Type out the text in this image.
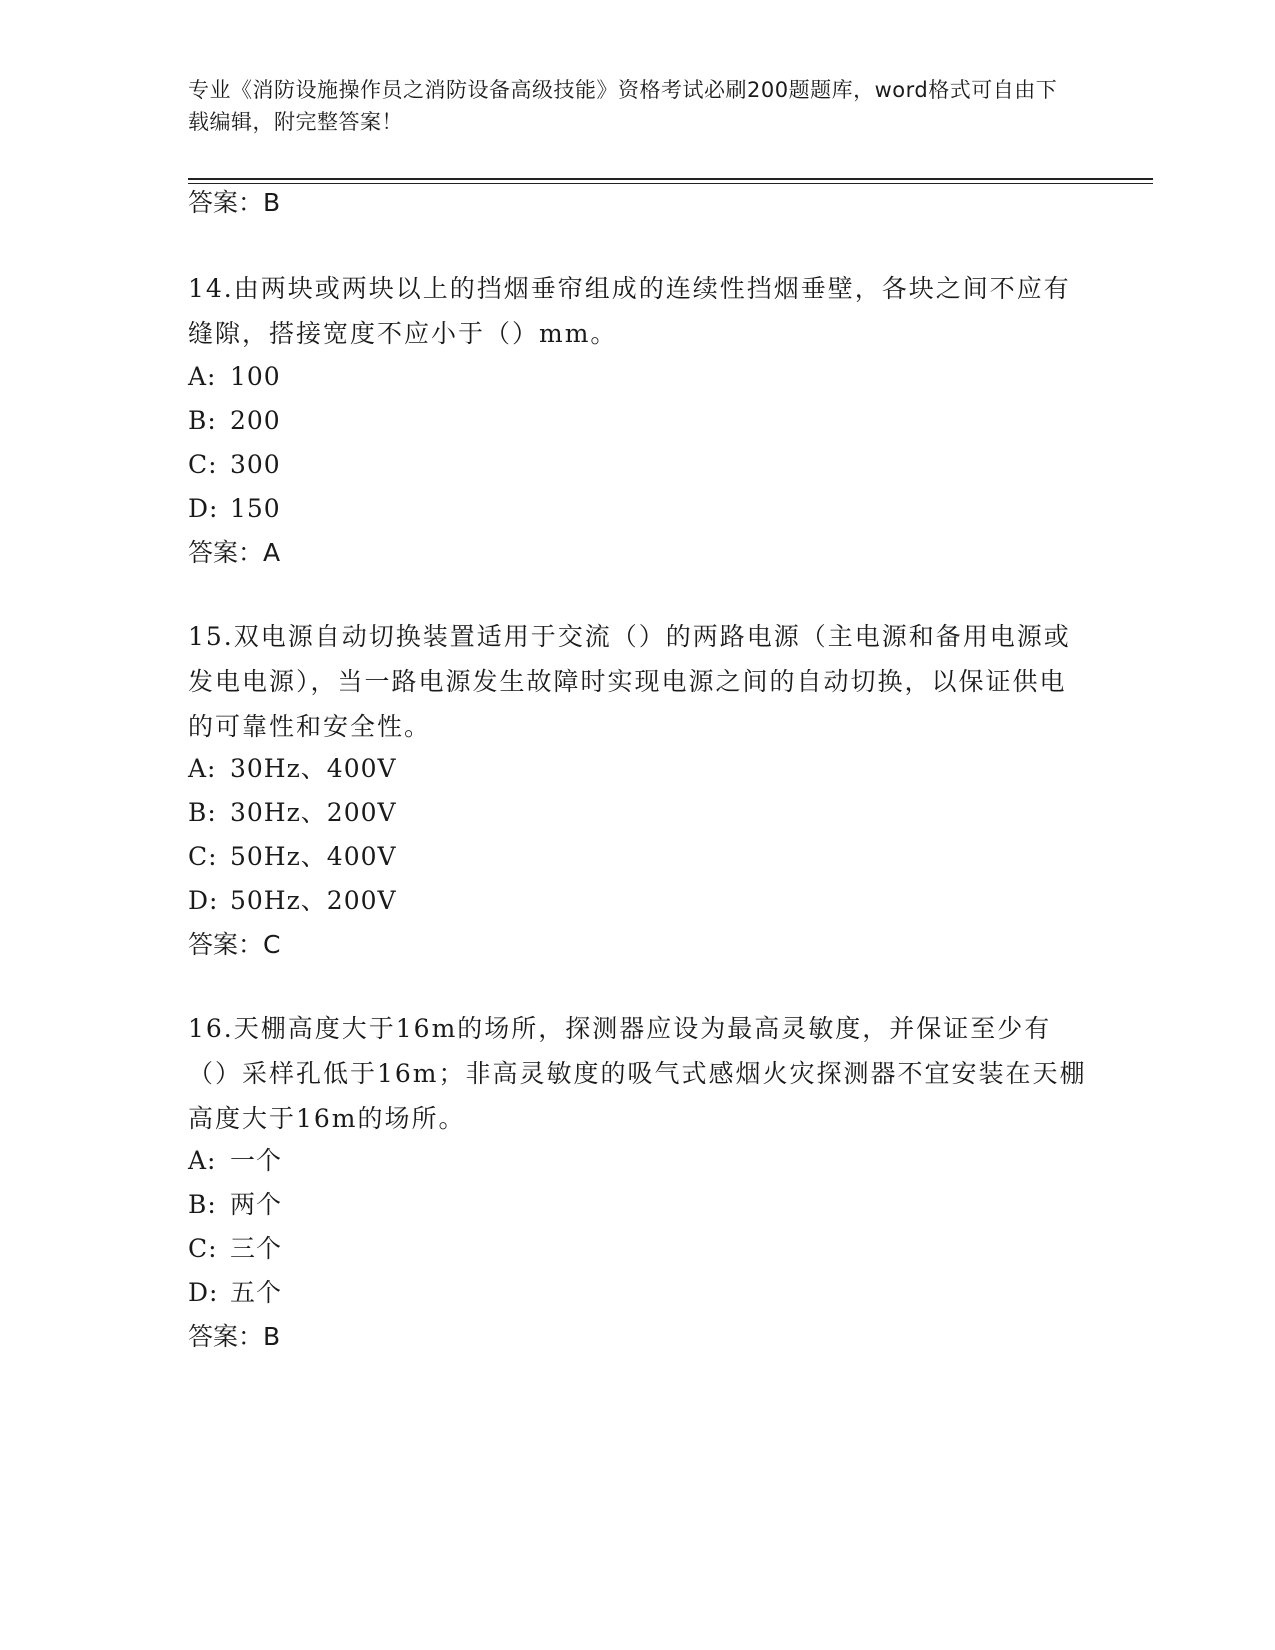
专业《消防设施操作员之消防设备高级技能》资格考试必刷200题题库，word格式可自由下载编辑，附完整答案！
答案：B
14.由两块或两块以上的挡烟垂帘组成的连续性挡烟垂壁，各块之间不应有缝隙，搭接宽度不应小于（）mm。
A: 100
B: 200
C: 300
D: 150
答案：A
15.双电源自动切换装置适用于交流（）的两路电源（主电源和备用电源或发电电源），当一路电源发生故障时实现电源之间的自动切换，以保证供电的可靠性和安全性。
A: 30Hz、400V
B: 30Hz、200V
C: 50Hz、400V
D: 50Hz、200V
答案：C
16.天棚高度大于16m的场所，探测器应设为最高灵敏度，并保证至少有（）采样孔低于16m；非高灵敏度的吸气式感烟火灾探测器不宜安装在天棚高度大于16m的场所。
A: 一个
B: 两个
C: 三个
D: 五个
答案：B
